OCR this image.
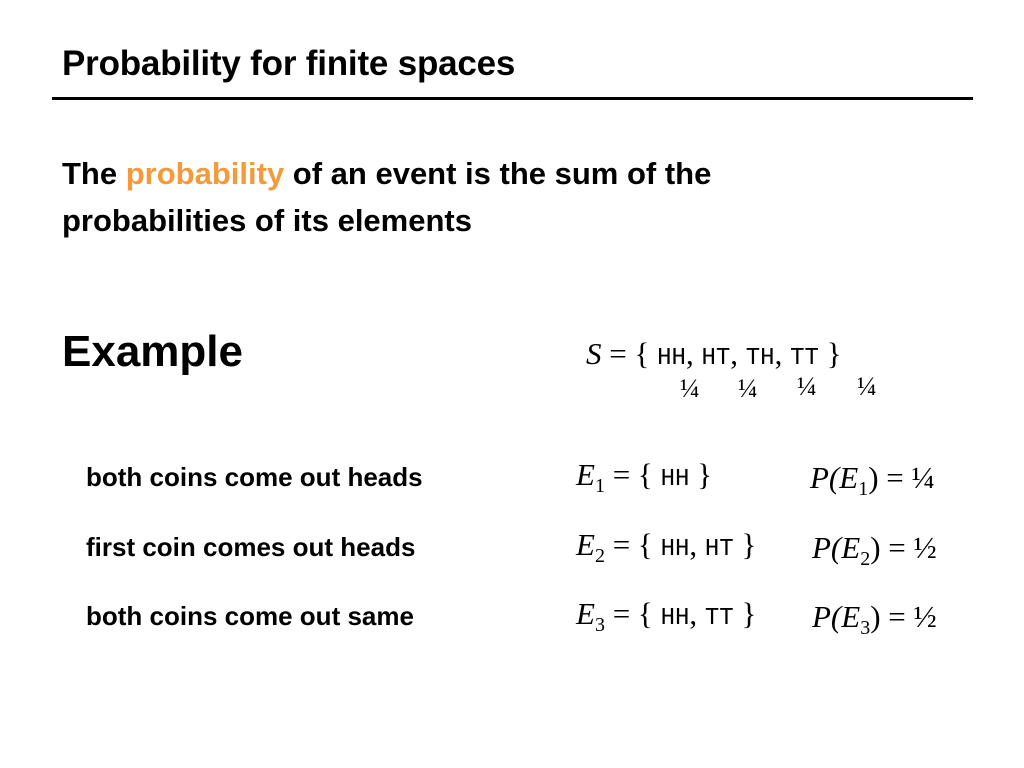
Probability for finite spaces
The probability of an event is the sum of the
probabilities of its elements
Example	S = { HH, HT, TH, TT }
¼ ¼ ¼ ¼
both coins come out heads	$E_1$ = { HH }	$P(E_1)$ = ¼
first coin comes out heads	$E_2$ = { HH, HT } $P(E_2)$ = ½
both coins come out same	$E_3$ = { HH, TT } $P(E_3)$ = ½
